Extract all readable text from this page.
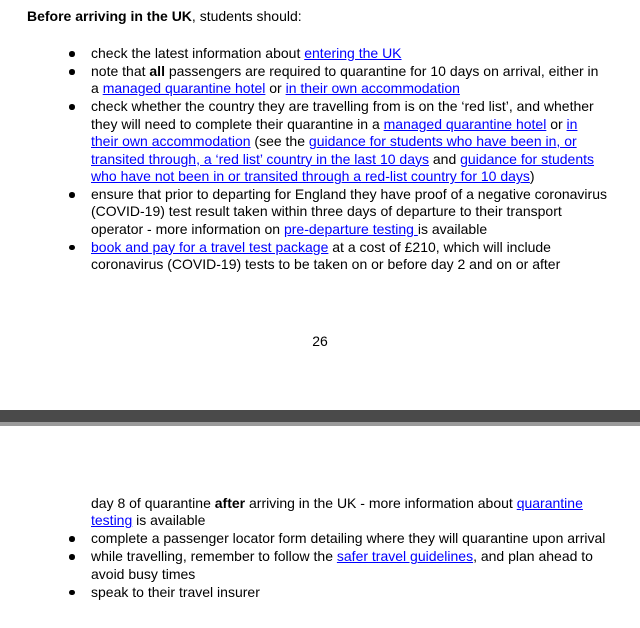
Before arriving in the UK, students should:

check the latest information about entering the UK
note that all passengers are required to quarantine for 10 days on arrival, either in a managed quarantine hotel or in their own accommodation
check whether the country they are travelling from is on the ‘red list’, and whether they will need to complete their quarantine in a managed quarantine hotel or in their own accommodation (see the guidance for students who have been in, or transited through, a ‘red list’ country in the last 10 days and guidance for students who have not been in or transited through a red-list country for 10 days)
ensure that prior to departing for England they have proof of a negative coronavirus (COVID-19) test result taken within three days of departure to their transport operator - more information on pre-departure testing is available
book and pay for a travel test package at a cost of £210, which will include coronavirus (COVID-19) tests to be taken on or before day 2 and on or after

26

day 8 of quarantine after arriving in the UK - more information about quarantine testing is available
complete a passenger locator form detailing where they will quarantine upon arrival
while travelling, remember to follow the safer travel guidelines, and plan ahead to avoid busy times
speak to their travel insurer
